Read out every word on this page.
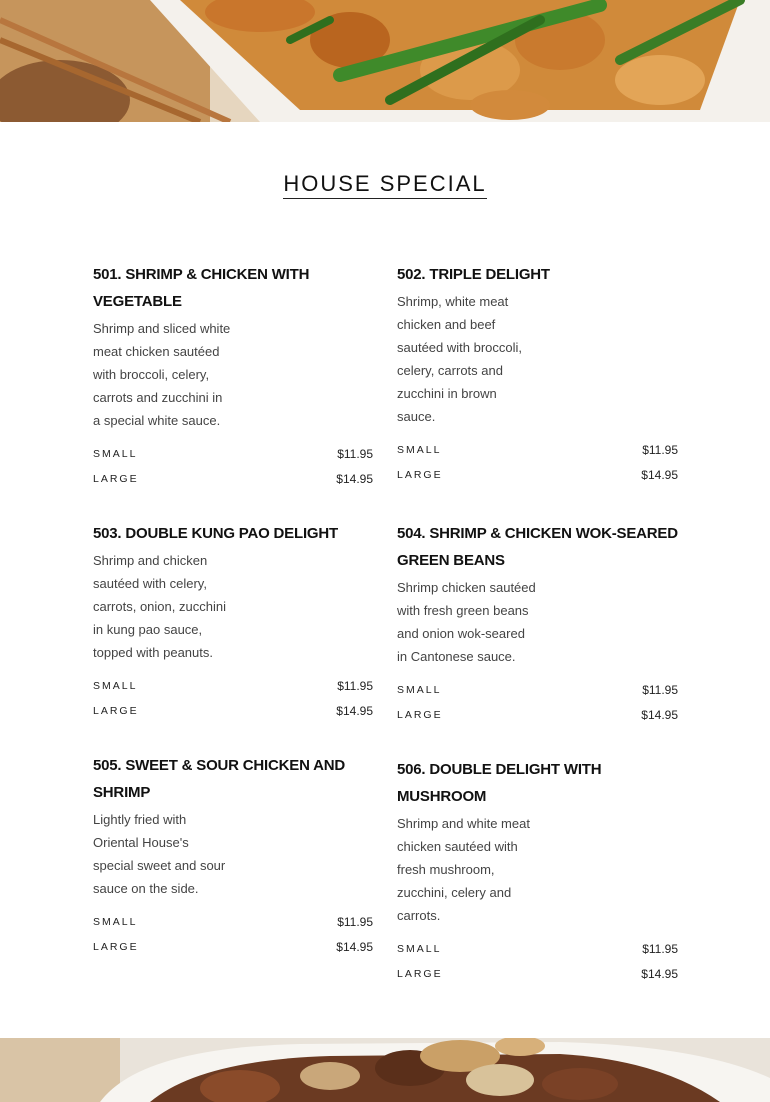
HOUSE SPECIAL
501. SHRIMP & CHICKEN WITH VEGETABLE
Shrimp and sliced white
meat chicken sautéed
with broccoli, celery,
carrots and zucchini in
a special white sauce.
SMALL	$11.95
LARGE	$14.95
502. TRIPLE DELIGHT
Shrimp, white meat
chicken and beef
sautéed with broccoli,
celery, carrots and
zucchini in brown
sauce.
SMALL	$11.95
LARGE	$14.95
503. DOUBLE KUNG PAO DELIGHT
Shrimp and chicken
sautéed with celery,
carrots, onion, zucchini
in kung pao sauce,
topped with peanuts.
SMALL	$11.95
LARGE	$14.95
504. SHRIMP & CHICKEN WOK-SEARED GREEN BEANS
Shrimp chicken sautéed
with fresh green beans
and onion wok-seared
in Cantonese sauce.
SMALL	$11.95
LARGE	$14.95
505. SWEET & SOUR CHICKEN AND SHRIMP
Lightly fried with
Oriental House's
special sweet and sour
sauce on the side.
SMALL	$11.95
LARGE	$14.95
506. DOUBLE DELIGHT WITH MUSHROOM
Shrimp and white meat
chicken sautéed with
fresh mushroom,
zucchini, celery and
carrots.
SMALL	$11.95
LARGE	$14.95
